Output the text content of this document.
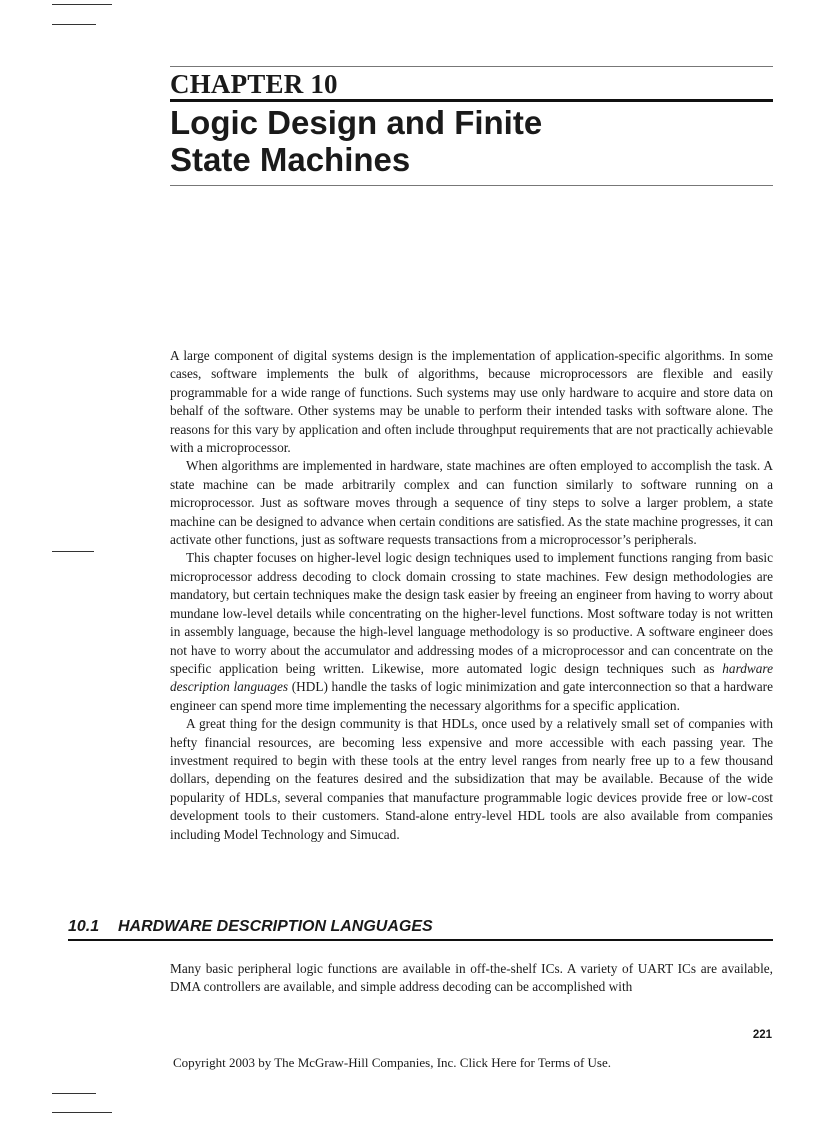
CHAPTER 10
Logic Design and Finite
State Machines

A large component of digital systems design is the implementation of application-specific algorithms. In some cases, software implements the bulk of algorithms, because microprocessors are flexible and easily programmable for a wide range of functions. Such systems may use only hardware to acquire and store data on behalf of the software. Other systems may be unable to perform their intended tasks with software alone. The reasons for this vary by application and often include throughput requirements that are not practically achievable with a microprocessor.

When algorithms are implemented in hardware, state machines are often employed to accomplish the task. A state machine can be made arbitrarily complex and can function similarly to software running on a microprocessor. Just as software moves through a sequence of tiny steps to solve a larger problem, a state machine can be designed to advance when certain conditions are satisfied. As the state machine progresses, it can activate other functions, just as software requests transactions from a microprocessor’s peripherals.

This chapter focuses on higher-level logic design techniques used to implement functions ranging from basic microprocessor address decoding to clock domain crossing to state machines. Few design methodologies are mandatory, but certain techniques make the design task easier by freeing an engineer from having to worry about mundane low-level details while concentrating on the higher-level functions. Most software today is not written in assembly language, because the high-level language methodology is so productive. A software engineer does not have to worry about the accumulator and addressing modes of a microprocessor and can concentrate on the specific application being written. Likewise, more automated logic design techniques such as hardware description languages (HDL) handle the tasks of logic minimization and gate interconnection so that a hardware engineer can spend more time implementing the necessary algorithms for a specific application.

A great thing for the design community is that HDLs, once used by a relatively small set of companies with hefty financial resources, are becoming less expensive and more accessible with each passing year. The investment required to begin with these tools at the entry level ranges from nearly free up to a few thousand dollars, depending on the features desired and the subsidization that may be available. Because of the wide popularity of HDLs, several companies that manufacture programmable logic devices provide free or low-cost development tools to their customers. Stand-alone entry-level HDL tools are also available from companies including Model Technology and Simucad.

10.1 HARDWARE DESCRIPTION LANGUAGES

Many basic peripheral logic functions are available in off-the-shelf ICs. A variety of UART ICs are available, DMA controllers are available, and simple address decoding can be accomplished with

221
Copyright 2003 by The McGraw-Hill Companies, Inc. Click Here for Terms of Use.
